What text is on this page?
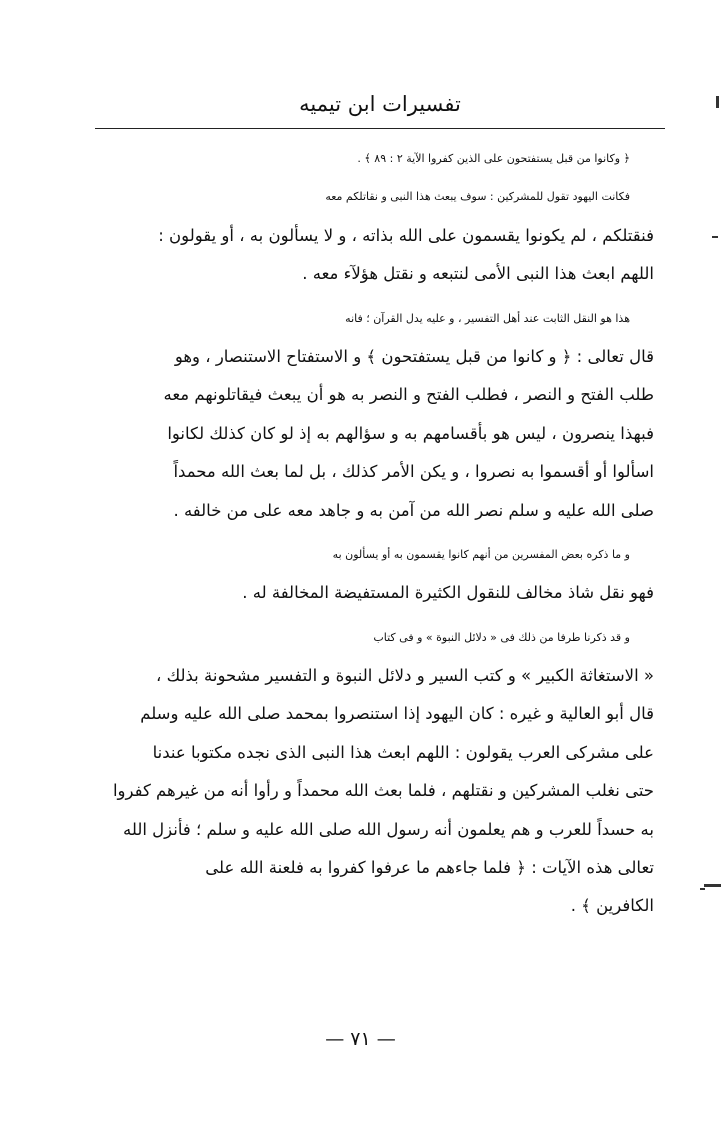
تفسيرات ابن تيميه
﴿ وكانوا من قبل يستفتحون على الذين كفروا الآية ٢ : ٨٩ ﴾ .
فكانت اليهود تقول للمشركين : سوف يبعث هذا النبى و نقاتلكم معه
فنقتلكم ، لم يكونوا يقسمون على الله بذاته ، و لا يسألون به ، أو يقولون :
اللهم ابعث هذا النبى الأمى لنتبعه و نقتل هؤلآء معه .
هذا هو النقل الثابت عند أهل التفسير ، و عليه يدل القرآن ؛ فانه
قال تعالى : ﴿ و كانوا من قبل يستفتحون ﴾ و الاستفتاح الاستنصار ، وهو
طلب الفتح و النصر ، فطلب الفتح و النصر به هو أن يبعث فيقاتلونهم معه
فبهذا ينصرون ، ليس هو بأقسامهم به و سؤالهم به إذ لو كان كذلك لكانوا
اسألوا أو أقسموا به نصروا ، و يكن الأمر كذلك ، بل لما بعث الله محمداً
صلى الله عليه و سلم نصر الله من آمن به و جاهد معه على من خالفه .
و ما ذكره بعض المفسرين من أنهم كانوا يقسمون به أو يسألون به
فهو نقل شاذ مخالف للنقول الكثيرة المستفيضة المخالفة له .
و قد ذكرنا طرفا من ذلك فى « دلائل النبوة » و فى كتاب
« الاستغاثة الكبير » و كتب السير و دلائل النبوة و التفسير مشحونة بذلك ،
قال أبو العالية و غيره : كان اليهود إذا استنصروا بمحمد صلى الله عليه وسلم
على مشركى العرب يقولون : اللهم ابعث هذا النبى الذى نجده مكتوبا عندنا
حتى نغلب المشركين و نقتلهم ، فلما بعث الله محمداً و رأوا أنه من غيرهم كفروا
به حسداً للعرب و هم يعلمون أنه رسول الله صلى الله عليه و سلم ؛ فأنزل الله
تعالى هذه الآيات : ﴿ فلما جاءهم ما عرفوا كفروا به فلعنة الله على
الكافرين ﴾ .
— ٧١ —
